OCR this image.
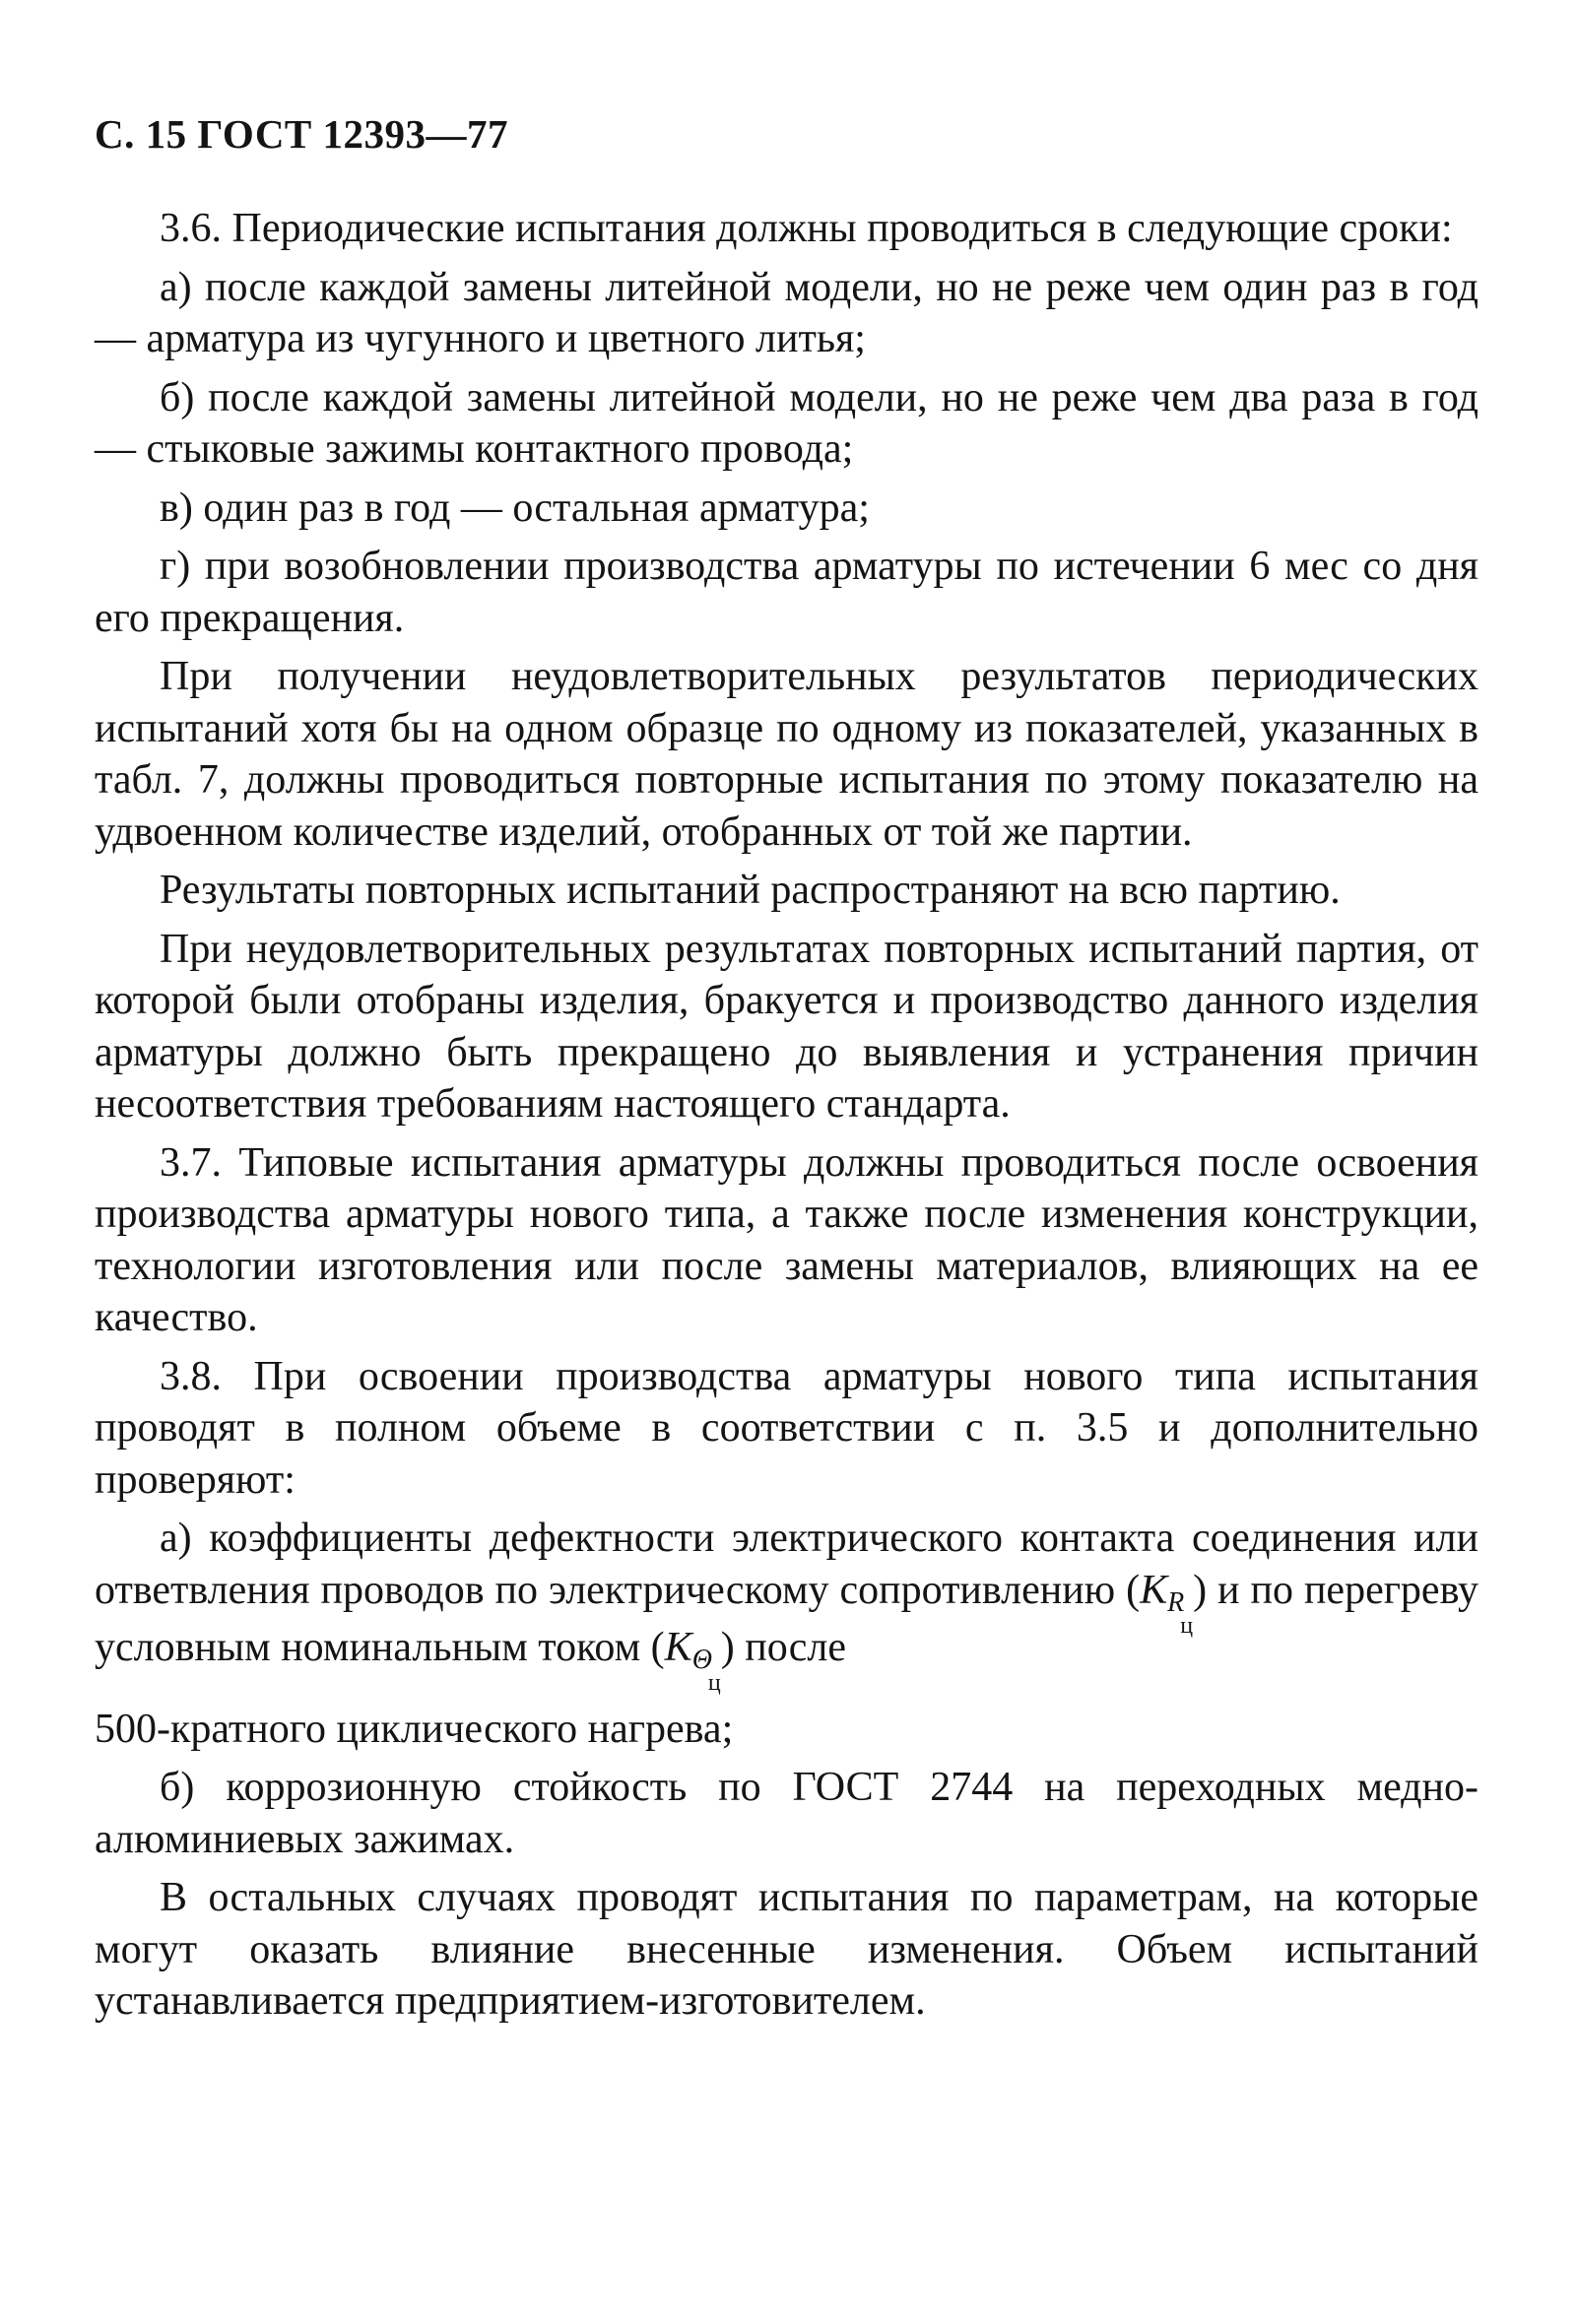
С. 15 ГОСТ 12393—77

3.6. Периодические испытания должны проводиться в следующие сроки:

а) после каждой замены литейной модели, но не реже чем один раз в год — арматура из чугунного и цветного литья;

б) после каждой замены литейной модели, но не реже чем два раза в год — стыковые зажимы контактного провода;

в) один раз в год — остальная арматура;

г) при возобновлении производства арматуры по истечении 6 мес со дня его прекращения.

При получении неудовлетворительных результатов периодических испытаний хотя бы на одном образце по одному из показателей, указанных в табл. 7, должны проводиться повторные испытания по этому показателю на удвоенном количестве изделий, отобранных от той же партии.

Результаты повторных испытаний распространяют на всю партию.

При неудовлетворительных результатах повторных испытаний партия, от которой были отобраны изделия, бракуется и производство данного изделия арматуры должно быть прекращено до выявления и устранения причин несоответствия требованиям настоящего стандарта.

3.7. Типовые испытания арматуры должны проводиться после освоения производства арматуры нового типа, а также после изменения конструкции, технологии изготовления или после замены материалов, влияющих на ее качество.

3.8. При освоении производства арматуры нового типа испытания проводят в полном объеме в соответствии с п. 3.5 и дополнительно проверяют:

а) коэффициенты дефектности электрического контакта соединения или ответвления проводов по электрическому сопротивлению $(KR_ц)$ и по перегреву условным номинальным током $(K\Theta_ц)$ после

500-кратного циклического нагрева;

б) коррозионную стойкость по ГОСТ 2744 на переходных медно-алюминиевых зажимах.

В остальных случаях проводят испытания по параметрам, на которые могут оказать влияние внесенные изменения. Объем испытаний устанавливается предприятием-изготовителем.
